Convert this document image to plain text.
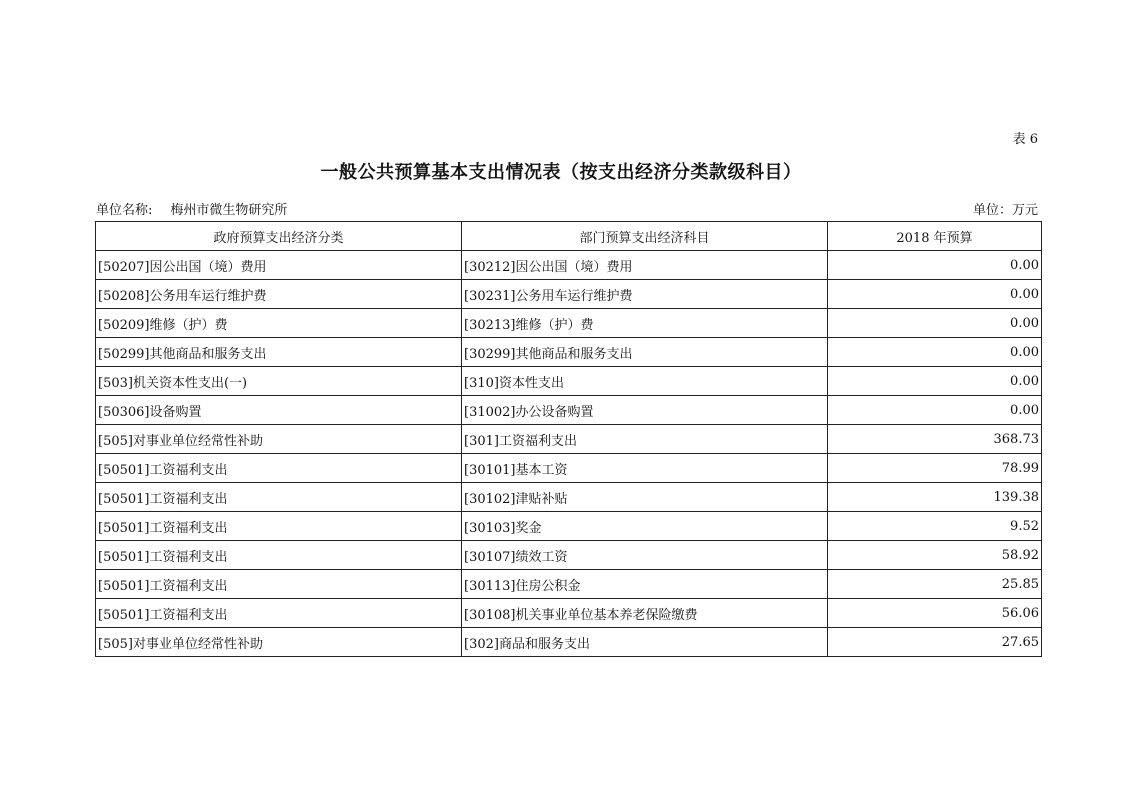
表 6
一般公共预算基本支出情况表（按支出经济分类款级科目）
单位名称: 梅州市微生物研究所	单位：万元
政府预算支出经济分类	部门预算支出经济科目	2018 年预算
[50207]因公出国（境）费用	[30212]因公出国（境）费用	0.00
[50208]公务用车运行维护费	[30231]公务用车运行维护费	0.00
[50209]维修（护）费	[30213]维修（护）费	0.00
[50299]其他商品和服务支出	[30299]其他商品和服务支出	0.00
[503]机关资本性支出(一)	[310]资本性支出	0.00
[50306]设备购置	[31002]办公设备购置	0.00
[505]对事业单位经常性补助	[301]工资福利支出	368.73
[50501]工资福利支出	[30101]基本工资	78.99
[50501]工资福利支出	[30102]津贴补贴	139.38
[50501]工资福利支出	[30103]奖金	9.52
[50501]工资福利支出	[30107]绩效工资	58.92
[50501]工资福利支出	[30113]住房公积金	25.85
[50501]工资福利支出	[30108]机关事业单位基本养老保险缴费	56.06
[505]对事业单位经常性补助	[302]商品和服务支出	27.65
